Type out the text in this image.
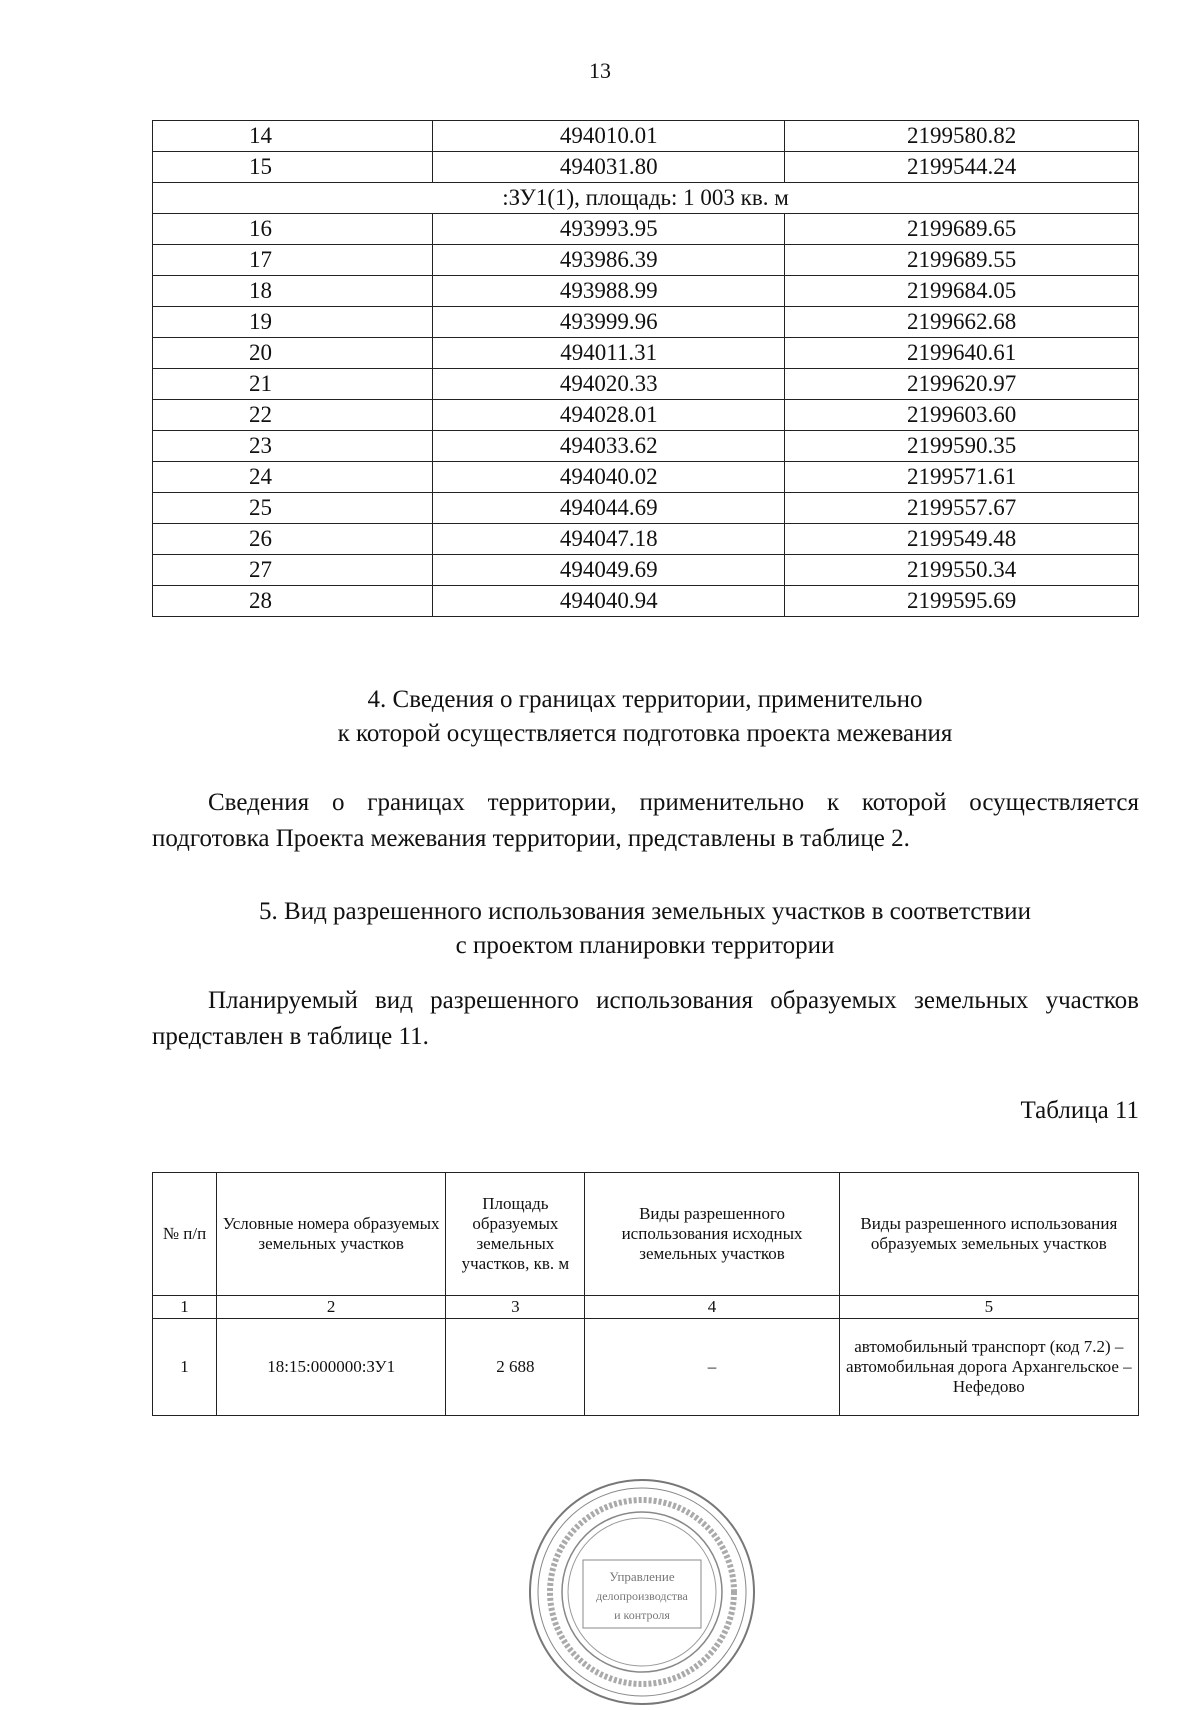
13
14	494010.01	2199580.82
15	494031.80	2199544.24
:ЗУ1(1), площадь: 1 003 кв. м		
16	493993.95	2199689.65
17	493986.39	2199689.55
18	493988.99	2199684.05
19	493999.96	2199662.68
20	494011.31	2199640.61
21	494020.33	2199620.97
22	494028.01	2199603.60
23	494033.62	2199590.35
24	494040.02	2199571.61
25	494044.69	2199557.67
26	494047.18	2199549.48
27	494049.69	2199550.34
28	494040.94	2199595.69
4. Сведения о границах территории, применительно
к которой осуществляется подготовка проекта межевания
Сведения о границах территории, применительно к которой осуществляется подготовка Проекта межевания территории, представлены в таблице 2.
5. Вид разрешенного использования земельных участков в соответствии
с проектом планировки территории
Планируемый вид разрешенного использования образуемых земельных участков представлен в таблице 11.
Таблица 11
№ п/п	Условные номера образуемых земельных участков	Площадь образуемых земельных участков, кв. м	Виды разрешенного использования исходных земельных участков	Виды разрешенного использования образуемых земельных участков
1	2	3	4	5
1	18:15:000000:ЗУ1	2 688	–	автомобильный транспорт (код 7.2) – автомобильная дорога Архангельское – Нефедово
Управление
делопроизводства
и контроля
